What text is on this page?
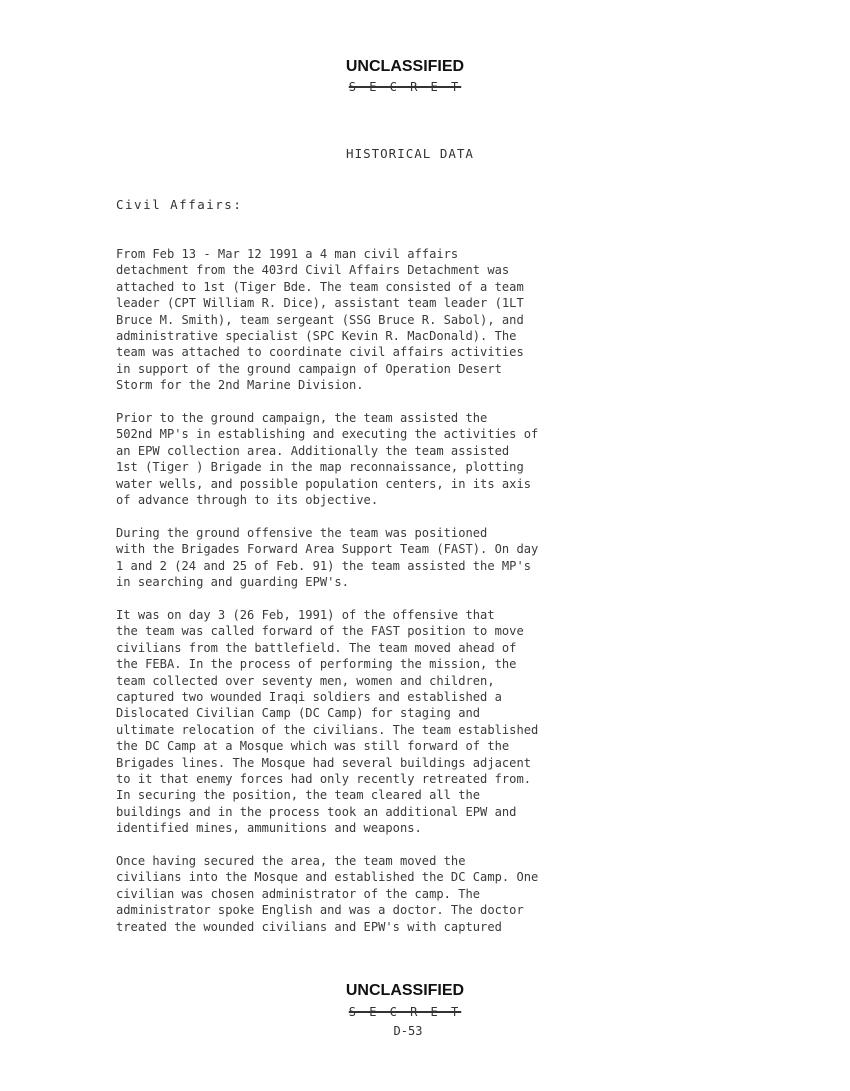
UNCLASSIFIED
S E C R E T
HISTORICAL DATA
Civil Affairs:

From Feb 13 - Mar 12 1991 a 4 man civil affairs
detachment from the 403rd Civil Affairs Detachment was
attached to 1st (Tiger Bde. The team consisted of a team
leader (CPT William R. Dice), assistant team leader (1LT
Bruce M. Smith), team sergeant (SSG Bruce R. Sabol), and
administrative specialist (SPC Kevin R. MacDonald). The
team was attached to coordinate civil affairs activities
in support of the ground campaign of Operation Desert
Storm for the 2nd Marine Division.

Prior to the ground campaign, the team assisted the
502nd MP's in establishing and executing the activities of
an EPW collection area. Additionally the team assisted
1st (Tiger ) Brigade in the map reconnaissance, plotting
water wells, and possible population centers, in its axis
of advance through to its objective.

During the ground offensive the team was positioned
with the Brigades Forward Area Support Team (FAST). On day
1 and 2 (24 and 25 of Feb. 91) the team assisted the MP's
in searching and guarding EPW's.

It was on day 3 (26 Feb, 1991) of the offensive that
the team was called forward of the FAST position to move
civilians from the battlefield. The team moved ahead of
the FEBA. In the process of performing the mission, the
team collected over seventy men, women and children,
captured two wounded Iraqi soldiers and established a
Dislocated Civilian Camp (DC Camp) for staging and
ultimate relocation of the civilians. The team established
the DC Camp at a Mosque which was still forward of the
Brigades lines. The Mosque had several buildings adjacent
to it that enemy forces had only recently retreated from.
In securing the position, the team cleared all the
buildings and in the process took an additional EPW and
identified mines, ammunitions and weapons.

Once having secured the area, the team moved the
civilians into the Mosque and established the DC Camp. One
civilian was chosen administrator of the camp. The
administrator spoke English and was a doctor. The doctor
treated the wounded civilians and EPW's with captured

UNCLASSIFIED
S E C R E T
D-53
